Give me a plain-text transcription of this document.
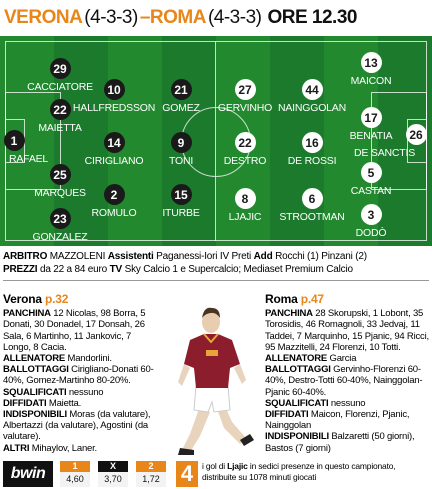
VERONA (4-3-3) – ROMA (4-3-3) ORE 12.30
1
RAFAEL
29
CACCIATORE
22
MAIETTA
25
MARQUES
23
GONZALEZ
10
HALLFREDSSON
14
CIRIGLIANO
2
ROMULO
21
GOMEZ
9
TONI
15
ITURBE
27
GERVINHO
22
DESTRO
8
LJAJIC
44
NAINGGOLAN
16
DE ROSSI
6
STROOTMAN
13
MAICON
17
BENATIA
5
CASTAN
3
DODÒ
26
DE SANCTIS
ARBITRO MAZZOLENI Assistenti Paganessi-Iori IV Preti Add Rocchi (1) Pinzani (2)
PREZZI da 22 a 84 euro TV Sky Calcio 1 e Supercalcio; Mediaset Premium Calcio
Verona p.32

PANCHINA 12 Nicolas, 98 Borra, 5 Donati, 30 Donadel, 17 Donsah, 26 Sala, 6 Martinho, 11 Jankovic, 7 Longo, 8 Cacia.

ALLENATORE Mandorlini.

BALLOTTAGGI Cirigliano-Donati 60-40%, Gomez-Martinho 80-20%.

SQUALIFICATI nessuno

DIFFIDATI Maietta.

INDISPONIBILI Moras (da valutare), Albertazzi (da valutare), Agostini (da valutare).

ALTRI Mihaylov, Laner.

Roma p.47

PANCHINA 28 Skorupski, 1 Lobont, 35 Torosidis, 46 Romagnoli, 33 Jedvaj, 11 Taddei, 7 Marquinho, 15 Pjanic, 94 Ricci, 95 Mazzitelli, 24 Florenzi, 10 Totti.

ALLENATORE Garcia

BALLOTTAGGI Gervinho-Florenzi 60-40%, Destro-Totti 60-40%, Nainggolan-Pjanic 60-40%.

SQUALIFICATI nessuno

DIFFIDATI Maicon, Florenzi, Pjanic, Nainggolan

INDISPONIBILI Balzaretti (50 giorni), Bastos (7 giorni)

bwin	1
4,60
X
3,70
2
1,72 4	i gol di Ljajic in sedici presenze in questo campionato, distribuite su 1078 minuti giocati
